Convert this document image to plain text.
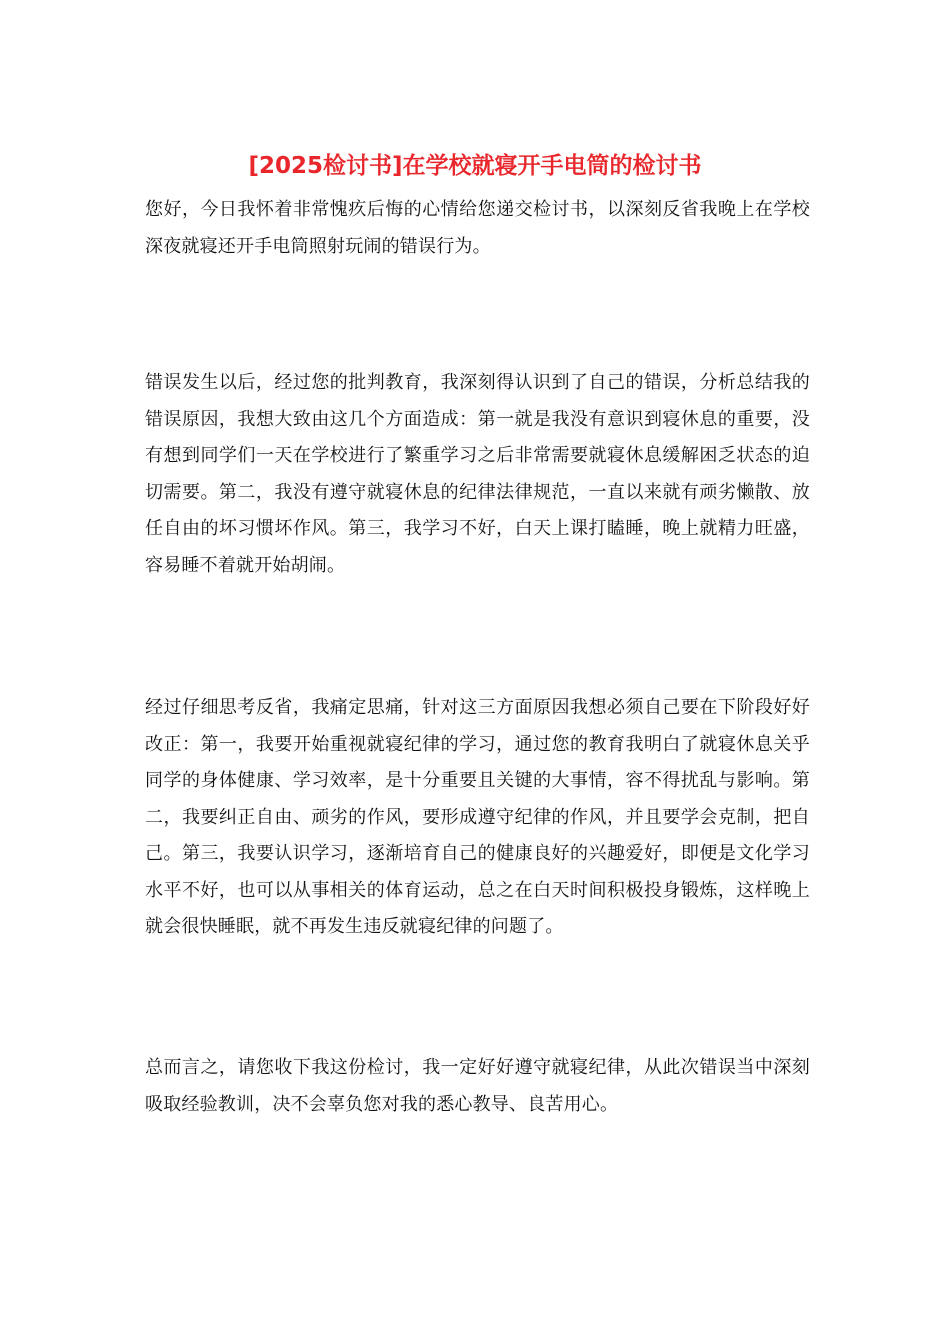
[2025检讨书]在学校就寝开手电筒的检讨书

您好，今日我怀着非常愧疚后悔的心情给您递交检讨书，以深刻反省我晚上在学校深夜就寝还开手电筒照射玩闹的错误行为。

错误发生以后，经过您的批判教育，我深刻得认识到了自己的错误，分析总结我的错误原因，我想大致由这几个方面造成：第一就是我没有意识到寝休息的重要，没有想到同学们一天在学校进行了繁重学习之后非常需要就寝休息缓解困乏状态的迫切需要。第二，我没有遵守就寝休息的纪律法律规范，一直以来就有顽劣懒散、放任自由的坏习惯坏作风。第三，我学习不好，白天上课打瞌睡，晚上就精力旺盛，容易睡不着就开始胡闹。

经过仔细思考反省，我痛定思痛，针对这三方面原因我想必须自己要在下阶段好好改正：第一，我要开始重视就寝纪律的学习，通过您的教育我明白了就寝休息关乎同学的身体健康、学习效率，是十分重要且关键的大事情，容不得扰乱与影响。第二，我要纠正自由、顽劣的作风，要形成遵守纪律的作风，并且要学会克制，把自己。第三，我要认识学习，逐渐培育自己的健康良好的兴趣爱好，即便是文化学习水平不好，也可以从事相关的体育运动，总之在白天时间积极投身锻炼，这样晚上就会很快睡眠，就不再发生违反就寝纪律的问题了。

总而言之，请您收下我这份检讨，我一定好好遵守就寝纪律，从此次错误当中深刻吸取经验教训，决不会辜负您对我的悉心教导、良苦用心。
